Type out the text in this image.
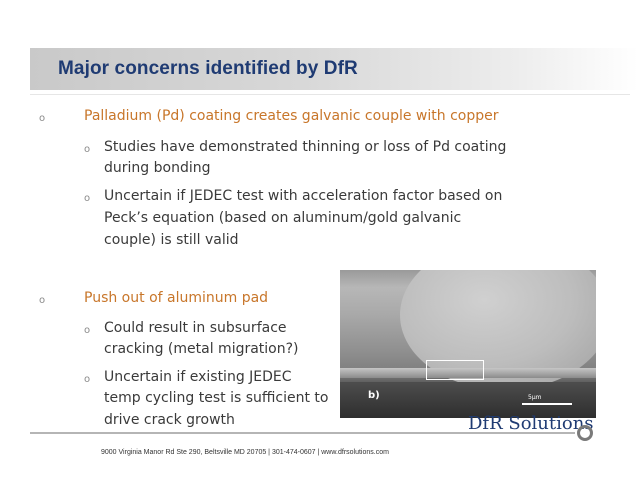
Major concerns identified by DfR
o	Palladium (Pd) coating creates galvanic couple with copper
o Studies have demonstrated thinning or loss of Pd coating
during bonding
o Uncertain if JEDEC test with acceleration factor based on
Peck’s equation (based on aluminum/gold galvanic
couple) is still valid
o	Push out of aluminum pad
o Could result in subsurface
cracking (metal migration?)
o Uncertain if existing JEDEC
temp cycling test is sufficient to
drive crack growth
b)	5μm
DfR Solutions
9000 Virginia Manor Rd Ste 290, Beltsville MD 20705 | 301-474-0607 | www.dfrsolutions.com
